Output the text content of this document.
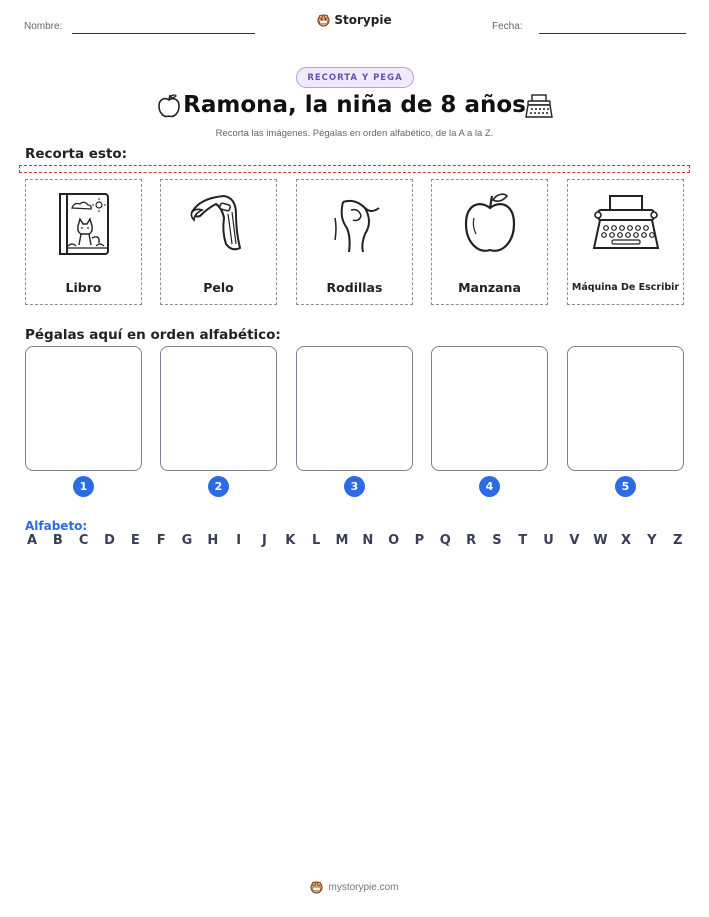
Nombre:	Storypie	Fecha:
RECORTA Y PEGA
Ramona, la niña de 8 años
Recorta las imágenes. Pégalas en orden alfabético, de la A a la Z.
Recorta esto:
Libro	Pelo	Rodillas	Manzana	Máquina De Escribir
Pégalas aquí en orden alfabético:
1	2	3	4	5
Alfabeto:
A B C D E F G H	I	J	K L M N O P Q R S T U V W X Y Z
mystorypie.com
